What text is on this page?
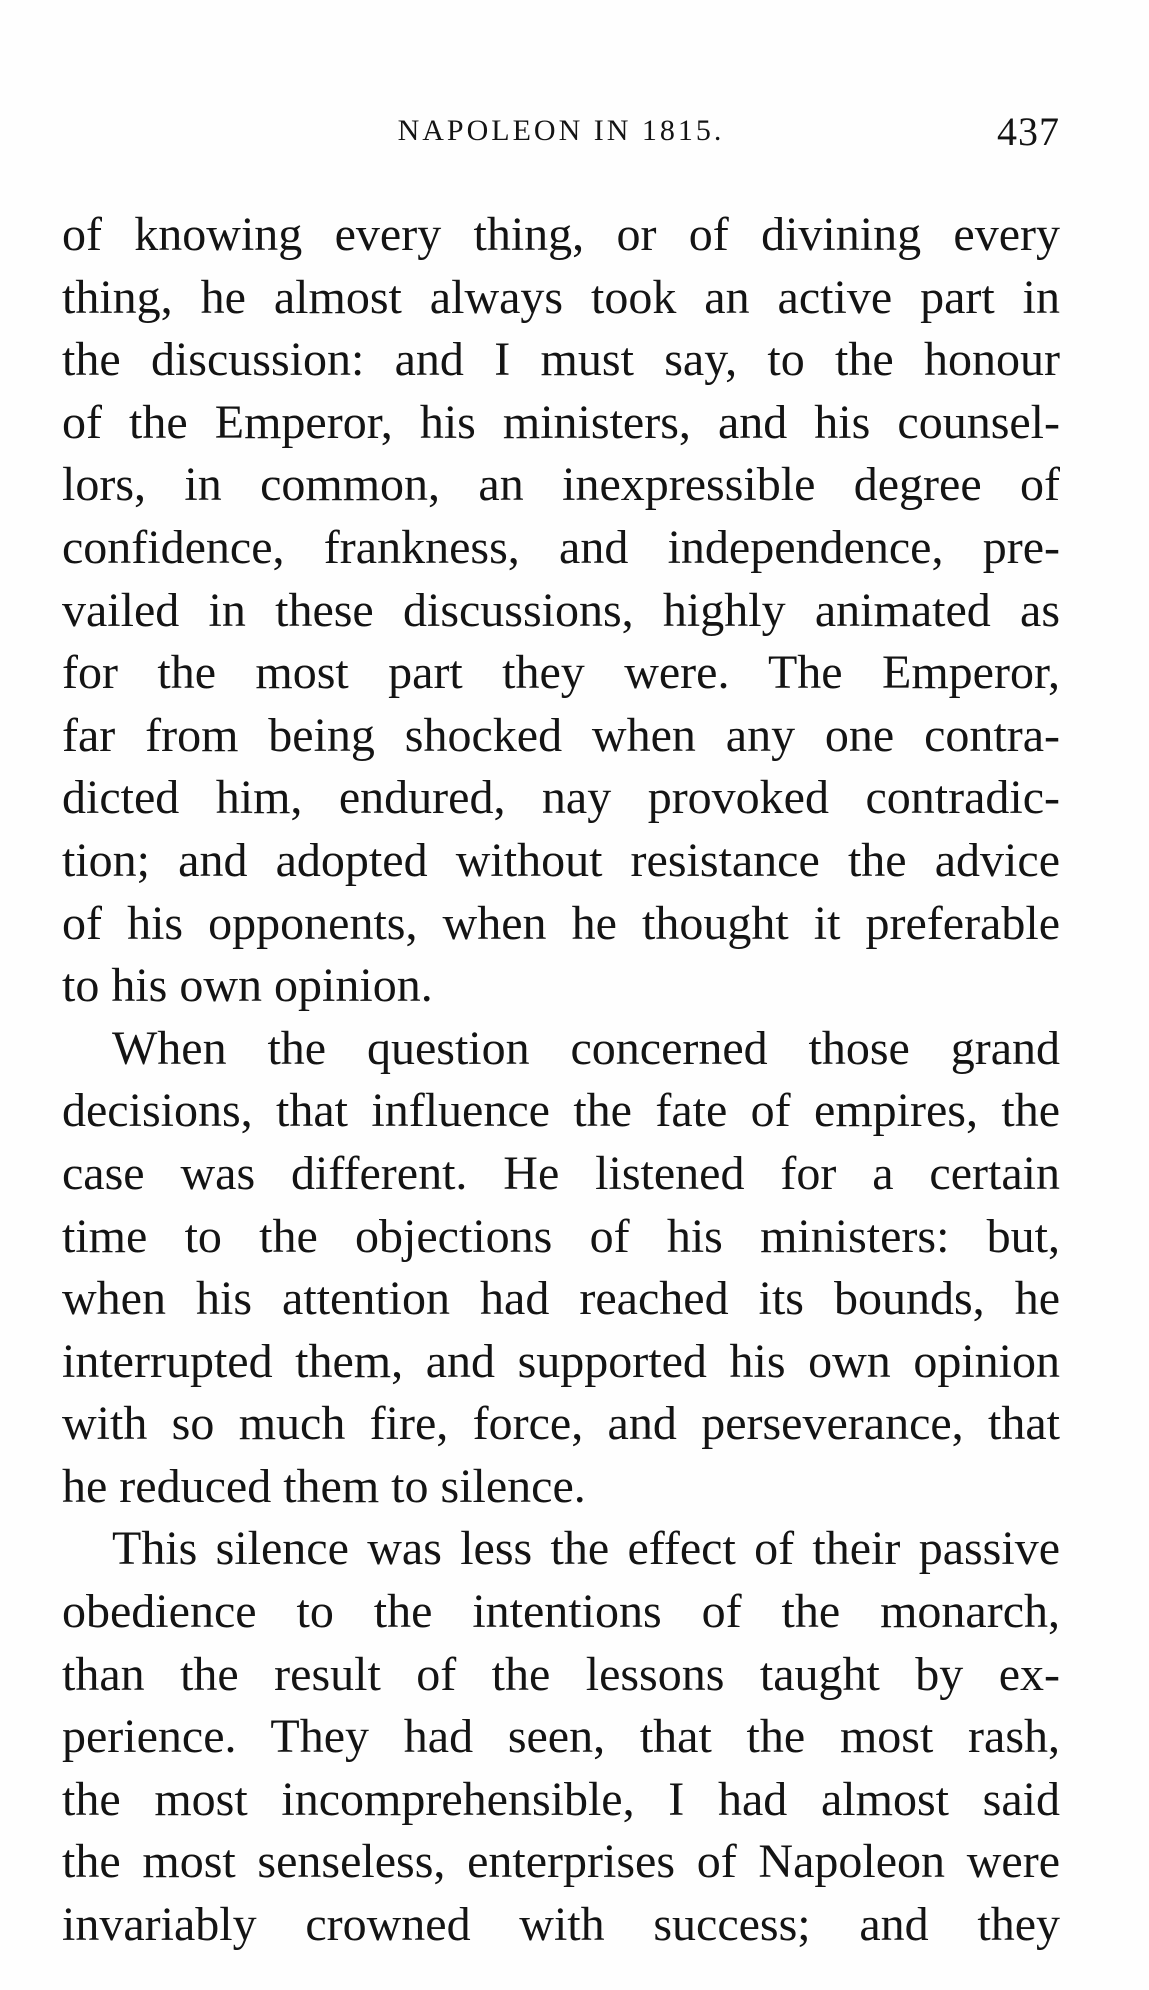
NAPOLEON IN 1815.	437
of knowing every thing, or of divining every
thing, he almost always took an active part in
the discussion: and I must say, to the honour
of the Emperor, his ministers, and his counsel-
lors, in common, an inexpressible degree of
confidence, frankness, and independence, pre-
vailed in these discussions, highly animated as
for the most part they were. The Emperor,
far from being shocked when any one contra-
dicted him, endured, nay provoked contradic-
tion; and adopted without resistance the advice
of his opponents, when he thought it preferable
to his own opinion.
When the question concerned those grand
decisions, that influence the fate of empires, the
case was different. He listened for a certain
time to the objections of his ministers: but,
when his attention had reached its bounds, he
interrupted them, and supported his own opinion
with so much fire, force, and perseverance, that
he reduced them to silence.
This silence was less the effect of their passive
obedience to the intentions of the monarch,
than the result of the lessons taught by ex-
perience. They had seen, that the most rash,
the most incomprehensible, I had almost said
the most senseless, enterprises of Napoleon were
invariably crowned with success; and they
